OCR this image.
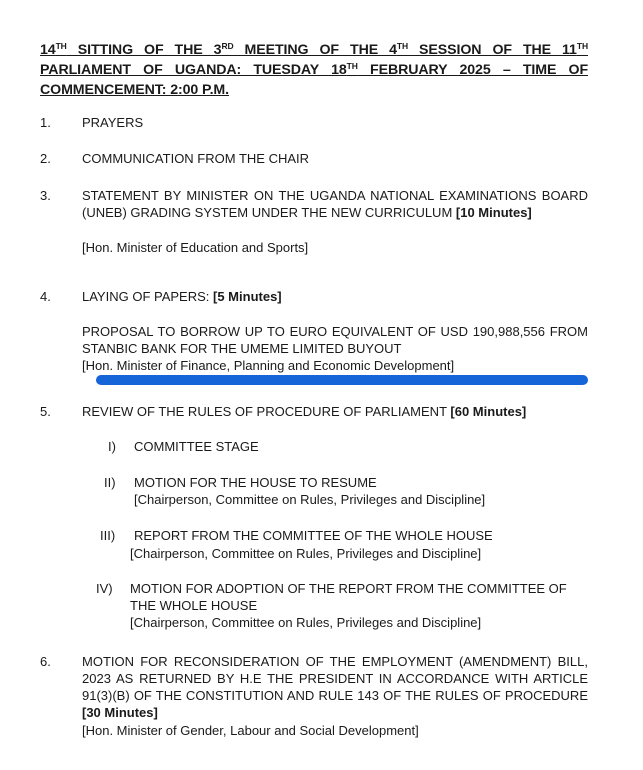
14TH SITTING OF THE 3RD MEETING OF THE 4TH SESSION OF THE 11TH PARLIAMENT OF UGANDA: TUESDAY 18TH FEBRUARY 2025 – TIME OF COMMENCEMENT: 2:00 P.M.
1. PRAYERS
2. COMMUNICATION FROM THE CHAIR
3. STATEMENT BY MINISTER ON THE UGANDA NATIONAL EXAMINATIONS BOARD (UNEB) GRADING SYSTEM UNDER THE NEW CURRICULUM [10 Minutes]
[Hon. Minister of Education and Sports]
4. LAYING OF PAPERS: [5 Minutes]
PROPOSAL TO BORROW UP TO EURO EQUIVALENT OF USD 190,988,556 FROM STANBIC BANK FOR THE UMEME LIMITED BUYOUT
[Hon. Minister of Finance, Planning and Economic Development]
5. REVIEW OF THE RULES OF PROCEDURE OF PARLIAMENT [60 Minutes]
I) COMMITTEE STAGE
II) MOTION FOR THE HOUSE TO RESUME
[Chairperson, Committee on Rules, Privileges and Discipline]
III) REPORT FROM THE COMMITTEE OF THE WHOLE HOUSE
[Chairperson, Committee on Rules, Privileges and Discipline]
IV) MOTION FOR ADOPTION OF THE REPORT FROM THE COMMITTEE OF THE WHOLE HOUSE
[Chairperson, Committee on Rules, Privileges and Discipline]
6. MOTION FOR RECONSIDERATION OF THE EMPLOYMENT (AMENDMENT) BILL, 2023 AS RETURNED BY H.E THE PRESIDENT IN ACCORDANCE WITH ARTICLE 91(3)(B) OF THE CONSTITUTION AND RULE 143 OF THE RULES OF PROCEDURE [30 Minutes]
[Hon. Minister of Gender, Labour and Social Development]
